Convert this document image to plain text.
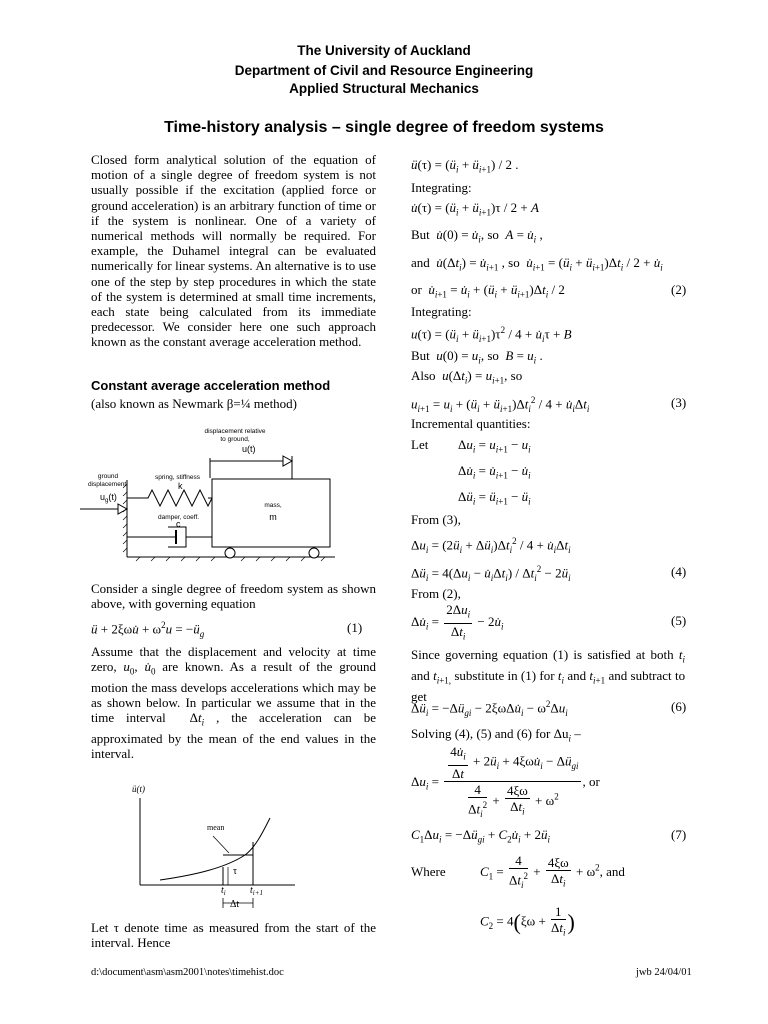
The University of Auckland
Department of Civil and Resource Engineering
Applied Structural Mechanics
Time-history analysis – single degree of freedom systems

Closed form analytical solution of the equation of motion of a single degree of freedom system is not usually possible if the excitation (applied force or ground acceleration) is an arbitrary function of time or if the system is nonlinear. One of a variety of numerical methods will normally be required. For example, the Duhamel integral can be evaluated numerically for linear systems. An alternative is to use one of the step by step procedures in which the state of the system is determined at small time increments, each state being calculated from its immediate predecessor. We consider here one such approach known as the constant average acceleration method.

Constant average acceleration method
(also known as Newmark β=¼ method)
displacement relative
to ground,
u(t)
ground
displacement,
$u_g(t)$
spring, stiffness
k
damper, coeff.
c
mass,
m

Consider a single degree of freedom system as shown above, with governing equation

ü + 2ξωu̇ + $\omega^2u$ = $-ü_g$	(1)
Assume that the displacement and velocity at time zero, $u_0$, $u̇_0$ are known. As a result of the ground motion the mass develops accelerations which may be as shown below. In particular we assume that in the time interval  $\Delta t_i$ , the acceleration can be approximated by the mean of the end values in the interval.
ü(t)
mean
τ
$t_i$ $t_{i+1}$
Δt

Let τ denote time as measured from the start of the interval. Hence

ü(τ) = ($ü_i$ + $ü_{i+1}) / 2$ .
Integrating:
u̇(τ) = ($ü_i$ + $ü_{i+1})\tau / 2 + A$
But u̇(0) = $u̇_i$, so $A = u̇_i$ ,
and $u̇(\Delta t_i)$ = $u̇_{i+1}$ , so  $u̇_{i+1}$ = ($ü_i$ + $ü_{i+1})\Delta t_i / 2$ + $u̇_i$
or $u̇_{i+1}$ = $u̇_i$ + ($ü_i$ + $ü_{i+1})\Delta t_i / 2$	(2)
Integrating:
$u(\tau) = (ü_i$ + $ü_{i+1})\tau^2 / 4$ + $u̇_i\tau + B$
But $u(0) = u_i$, so $B = u_i$ .
Also $u(\Delta t_i) = u_{i+1}$, so
$u_{i+1} = u_i$ + ($ü_i$ + $ü_{i+1})\Delta t_i^2 / 4$ + $u̇_i\Delta t_i$	(3)
Incremental quantities:
Let $\Delta u_i = u_{i+1} - u_i$
$\Delta u̇_i$ = $u̇_{i+1}$ − $u̇_i$
$\Delta ü_i$ = $ü_{i+1}$ − $ü_i$
From (3),
$\Delta u_i$ = ($2ü_i$ + $\Delta ü_i)\Delta t_i^2 / 4$ + $u̇_i\Delta t_i$
$\Delta ü_i = 4(\Delta u_i$ − $u̇_i\Delta t_i) / \Delta t_i^2$ − $2ü_i$	(4)
From (2),
$\Delta u̇_i = \frac{2\Delta u_i}{\Delta t_i}$ − $2u̇_i$	(5)
Since governing equation (1) is satisfied at both $t_i$ and $t_{i+1,}$ substitute in (1) for $t_i$ and $t_{i+1}$ and subtract to get
$\Delta ü_i$ = $-\Delta ü_{gi}$ − $2\xi\omega\Delta u̇_i - \omega^2\Delta u_i$	(6)
Solving (4), (5) and (6) for $\Delta u_i$ –
$\Delta u_i = \frac{\frac{4u̇_i}{\Delta t} + 2ü_i + 4\xi\omega u̇_i - \Delta ü_{gi}}{\frac{4}{\Delta t_i^2} + \frac{4\xi\omega}{\Delta t_i} + \omega^2}$ , or
$C_1\Delta u_i$ = $-\Delta ü_{gi}$ + $C_2u̇_i$ + $2ü_i$	(7)
Where	$C_1 = \frac{4}{\Delta t_i^2} + \frac{4\xi\omega}{\Delta t_i} + \omega^2$, and
$C_2 = 4(\xi\omega + \frac{1}{\Delta t_i}$ )
d:\document\asm\asm2001\notes\timehist.doc	jwb 24/04/01
